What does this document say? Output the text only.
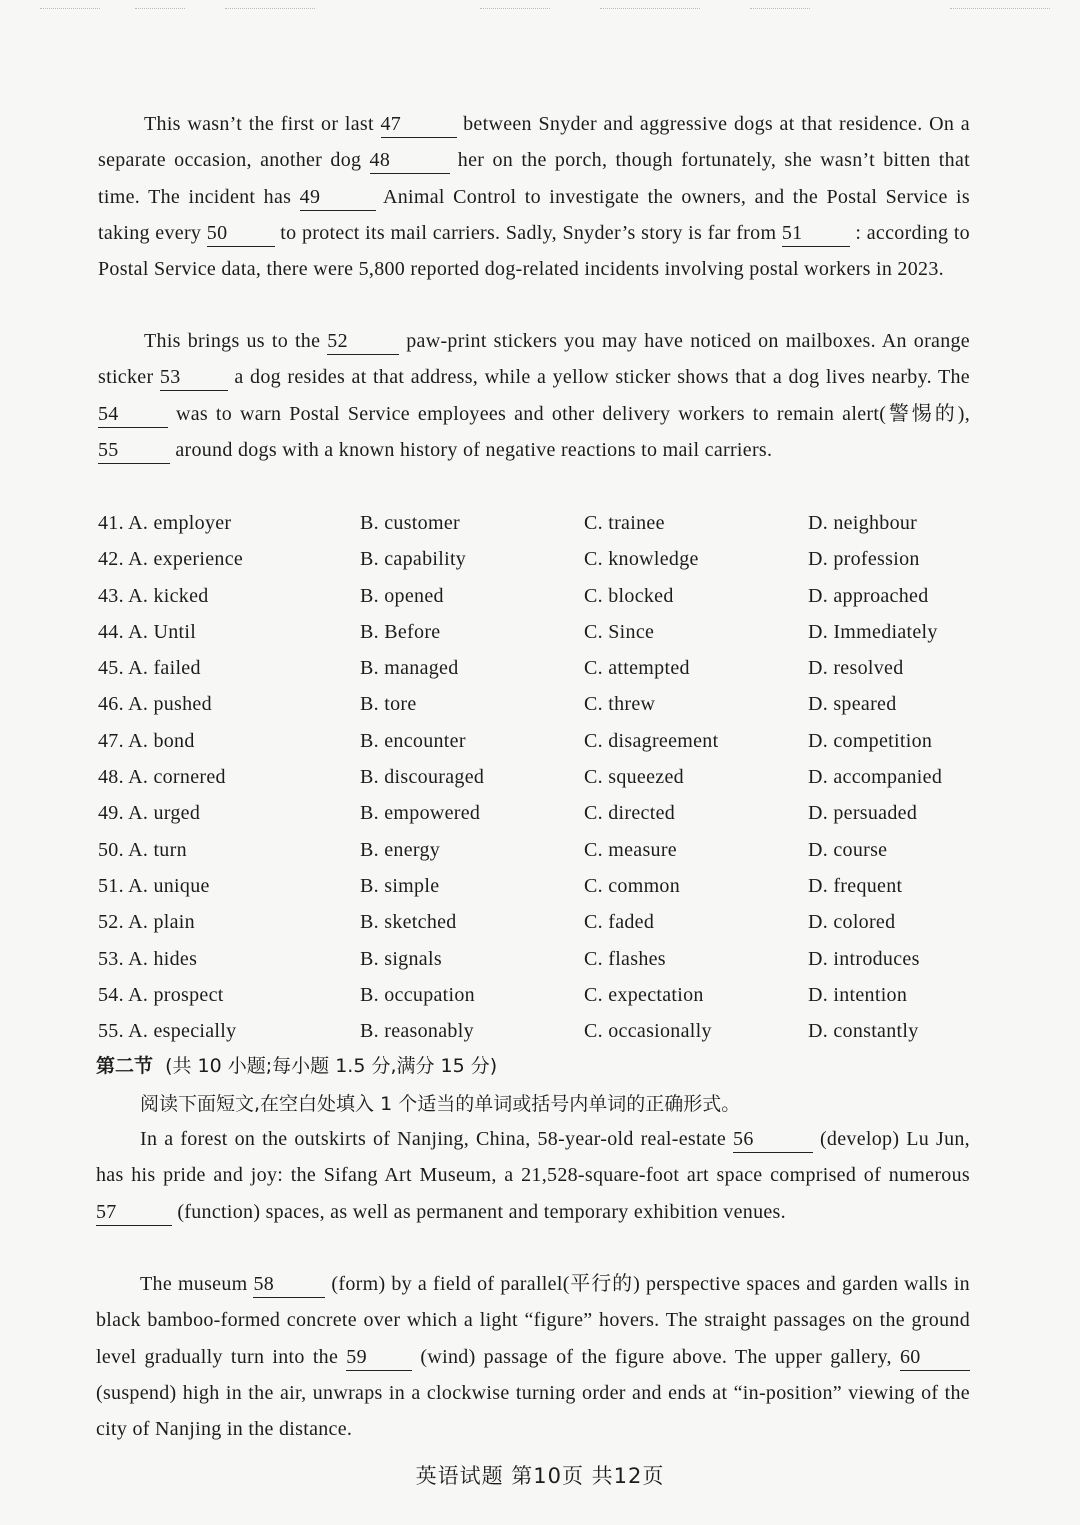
This wasn’t the first or last 47	between Snyder and aggressive dogs at that residence. On a separate occasion, another dog 48	her on the porch, though fortunately, she wasn’t bitten that time. The incident has 49	Animal Control to investigate the owners, and the Postal Service is taking every 50	to protect its mail carriers. Sadly, Snyder’s story is far from 51	: according to Postal Service data, there were 5,800 reported dog-related incidents involving postal workers in 2023.

This brings us to the 52	paw-print stickers you may have noticed on mailboxes. An orange sticker 53	a dog resides at that address, while a yellow sticker shows that a dog lives nearby. The 54	was to warn Postal Service employees and other delivery workers to remain alert(警惕的), 55	around dogs with a known history of negative reactions to mail carriers.

41. A. employer	B. customer	C. trainee	D. neighbour
42. A. experience	B. capability	C. knowledge	D. profession
43. A. kicked	B. opened	C. blocked	D. approached
44. A. Until	B. Before	C. Since	D. Immediately
45. A. failed	B. managed	C. attempted	D. resolved
46. A. pushed	B. tore	C. threw	D. speared
47. A. bond	B. encounter	C. disagreement	D. competition
48. A. cornered	B. discouraged	C. squeezed	D. accompanied
49. A. urged	B. empowered	C. directed	D. persuaded
50. A. turn	B. energy	C. measure	D. course
51. A. unique	B. simple	C. common	D. frequent
52. A. plain	B. sketched	C. faded	D. colored
53. A. hides	B. signals	C. flashes	D. introduces
54. A. prospect	B. occupation	C. expectation	D. intention
55. A. especially	B. reasonably	C. occasionally	D. constantly
第二节 (共 10 小题;每小题 1.5 分,满分 15 分)
阅读下面短文,在空白处填入 1 个适当的单词或括号内单词的正确形式。

In a forest on the outskirts of Nanjing, China, 58-year-old real-estate 56	(develop) Lu Jun, has his pride and joy: the Sifang Art Museum, a 21,528-square-foot art space comprised of numerous 57	(function) spaces, as well as permanent and temporary exhibition venues.

The museum 58	(form) by a field of parallel(平行的) perspective spaces and garden walls in black bamboo-formed concrete over which a light “figure” hovers. The straight passages on the ground level gradually turn into the 59	(wind) passage of the figure above. The upper gallery, 60 (suspend) high in the air, unwraps in a clockwise turning order and ends at “in-position” viewing of the city of Nanjing in the distance.

英语试题 第10页 共12页
